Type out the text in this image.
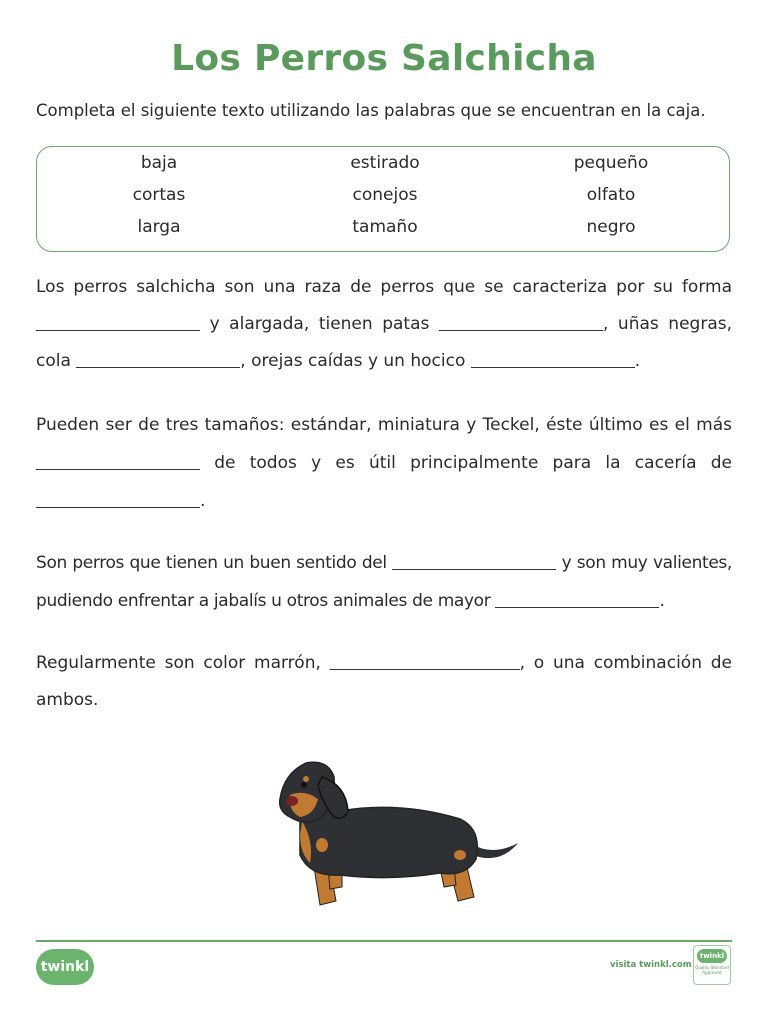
Los Perros Salchicha
Completa el siguiente texto utilizando las palabras que se encuentran en la caja.
baja	estirado	pequeño
cortas	conejos	olfato
larga	tamaño	negro
Los perros salchicha son una raza de perros que se caracteriza por su forma  y alargada, tienen patas	, uñas negras, cola	, orejas caídas y un hocico	.
Pueden ser de tres tamaños: estándar, miniatura y Teckel, éste último es el más  de todos y es útil principalmente para la cacería de .
Son perros que tienen un buen sentido del	y son muy valientes, pudiendo enfrentar a jabalís u otros animales de mayor	.
Regularmente son color marrón,	, o una combinación de ambos.
twinkl	visita twinkl.com
twinkl
Quality Standard Approved
